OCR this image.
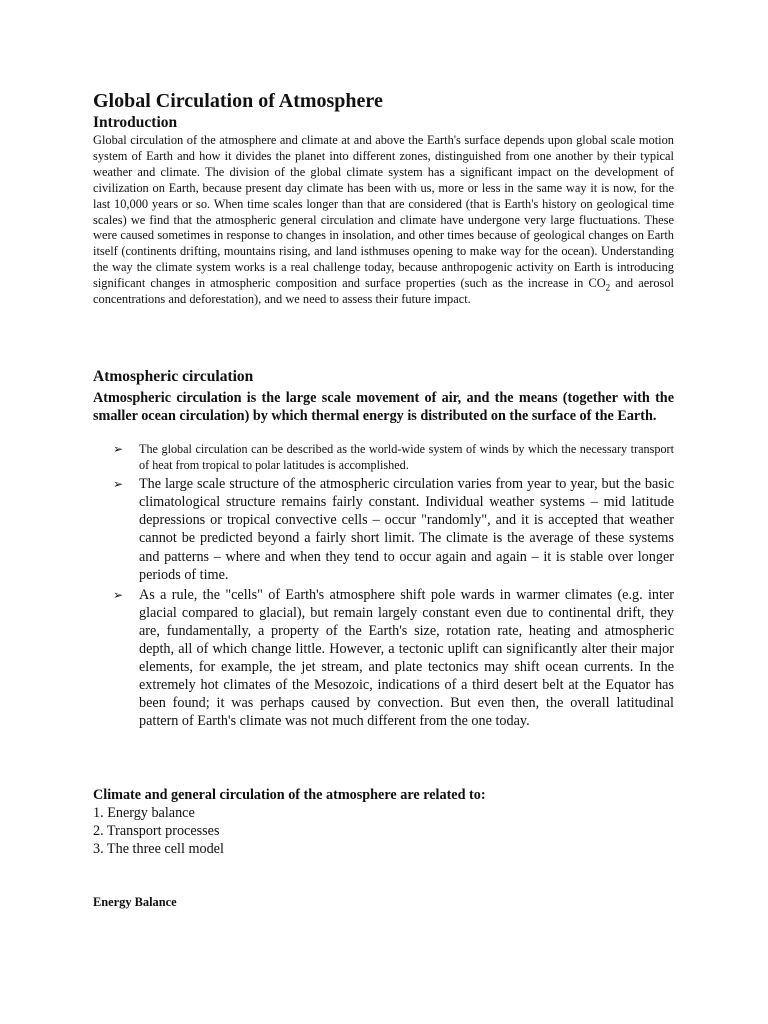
Global Circulation of Atmosphere
Introduction

Global circulation of the atmosphere and climate at and above the Earth's surface depends upon global scale motion system of Earth and how it divides the planet into different zones, distinguished from one another by their typical weather and climate. The division of the global climate system has a significant impact on the development of civilization on Earth, because present day climate has been with us, more or less in the same way it is now, for the last 10,000 years or so. When time scales longer than that are considered (that is Earth's history on geological time scales) we find that the atmospheric general circulation and climate have undergone very large fluctuations. These were caused sometimes in response to changes in insolation, and other times because of geological changes on Earth itself (continents drifting, mountains rising, and land isthmuses opening to make way for the ocean). Understanding the way the climate system works is a real challenge today, because anthropogenic activity on Earth is introducing significant changes in atmospheric composition and surface properties (such as the increase in $CO_2$ and aerosol concentrations and deforestation), and we need to assess their future impact.

Atmospheric circulation

Atmospheric circulation is the large scale movement of air, and the means (together with the smaller ocean circulation) by which thermal energy is distributed on the surface of the Earth.

➢ The global circulation can be described as the world-wide system of winds by which the necessary transport of heat from tropical to polar latitudes is accomplished.
➢ The large scale structure of the atmospheric circulation varies from year to year, but the basic climatological structure remains fairly constant. Individual weather systems – mid latitude depressions or tropical convective cells – occur "randomly", and it is accepted that weather cannot be predicted beyond a fairly short limit. The climate is the average of these systems and patterns – where and when they tend to occur again and again – it is stable over longer periods of time.
➢ As a rule, the "cells" of Earth's atmosphere shift pole wards in warmer climates (e.g. inter glacial compared to glacial), but remain largely constant even due to continental drift, they are, fundamentally, a property of the Earth's size, rotation rate, heating and atmospheric depth, all of which change little. However, a tectonic uplift can significantly alter their major elements, for example, the jet stream, and plate tectonics may shift ocean currents. In the extremely hot climates of the Mesozoic, indications of a third desert belt at the Equator has been found; it was perhaps caused by convection. But even then, the overall latitudinal pattern of Earth's climate was not much different from the one today.

Climate and general circulation of the atmosphere are related to:

1. Energy balance
2. Transport processes
3. The three cell model

Energy Balance
